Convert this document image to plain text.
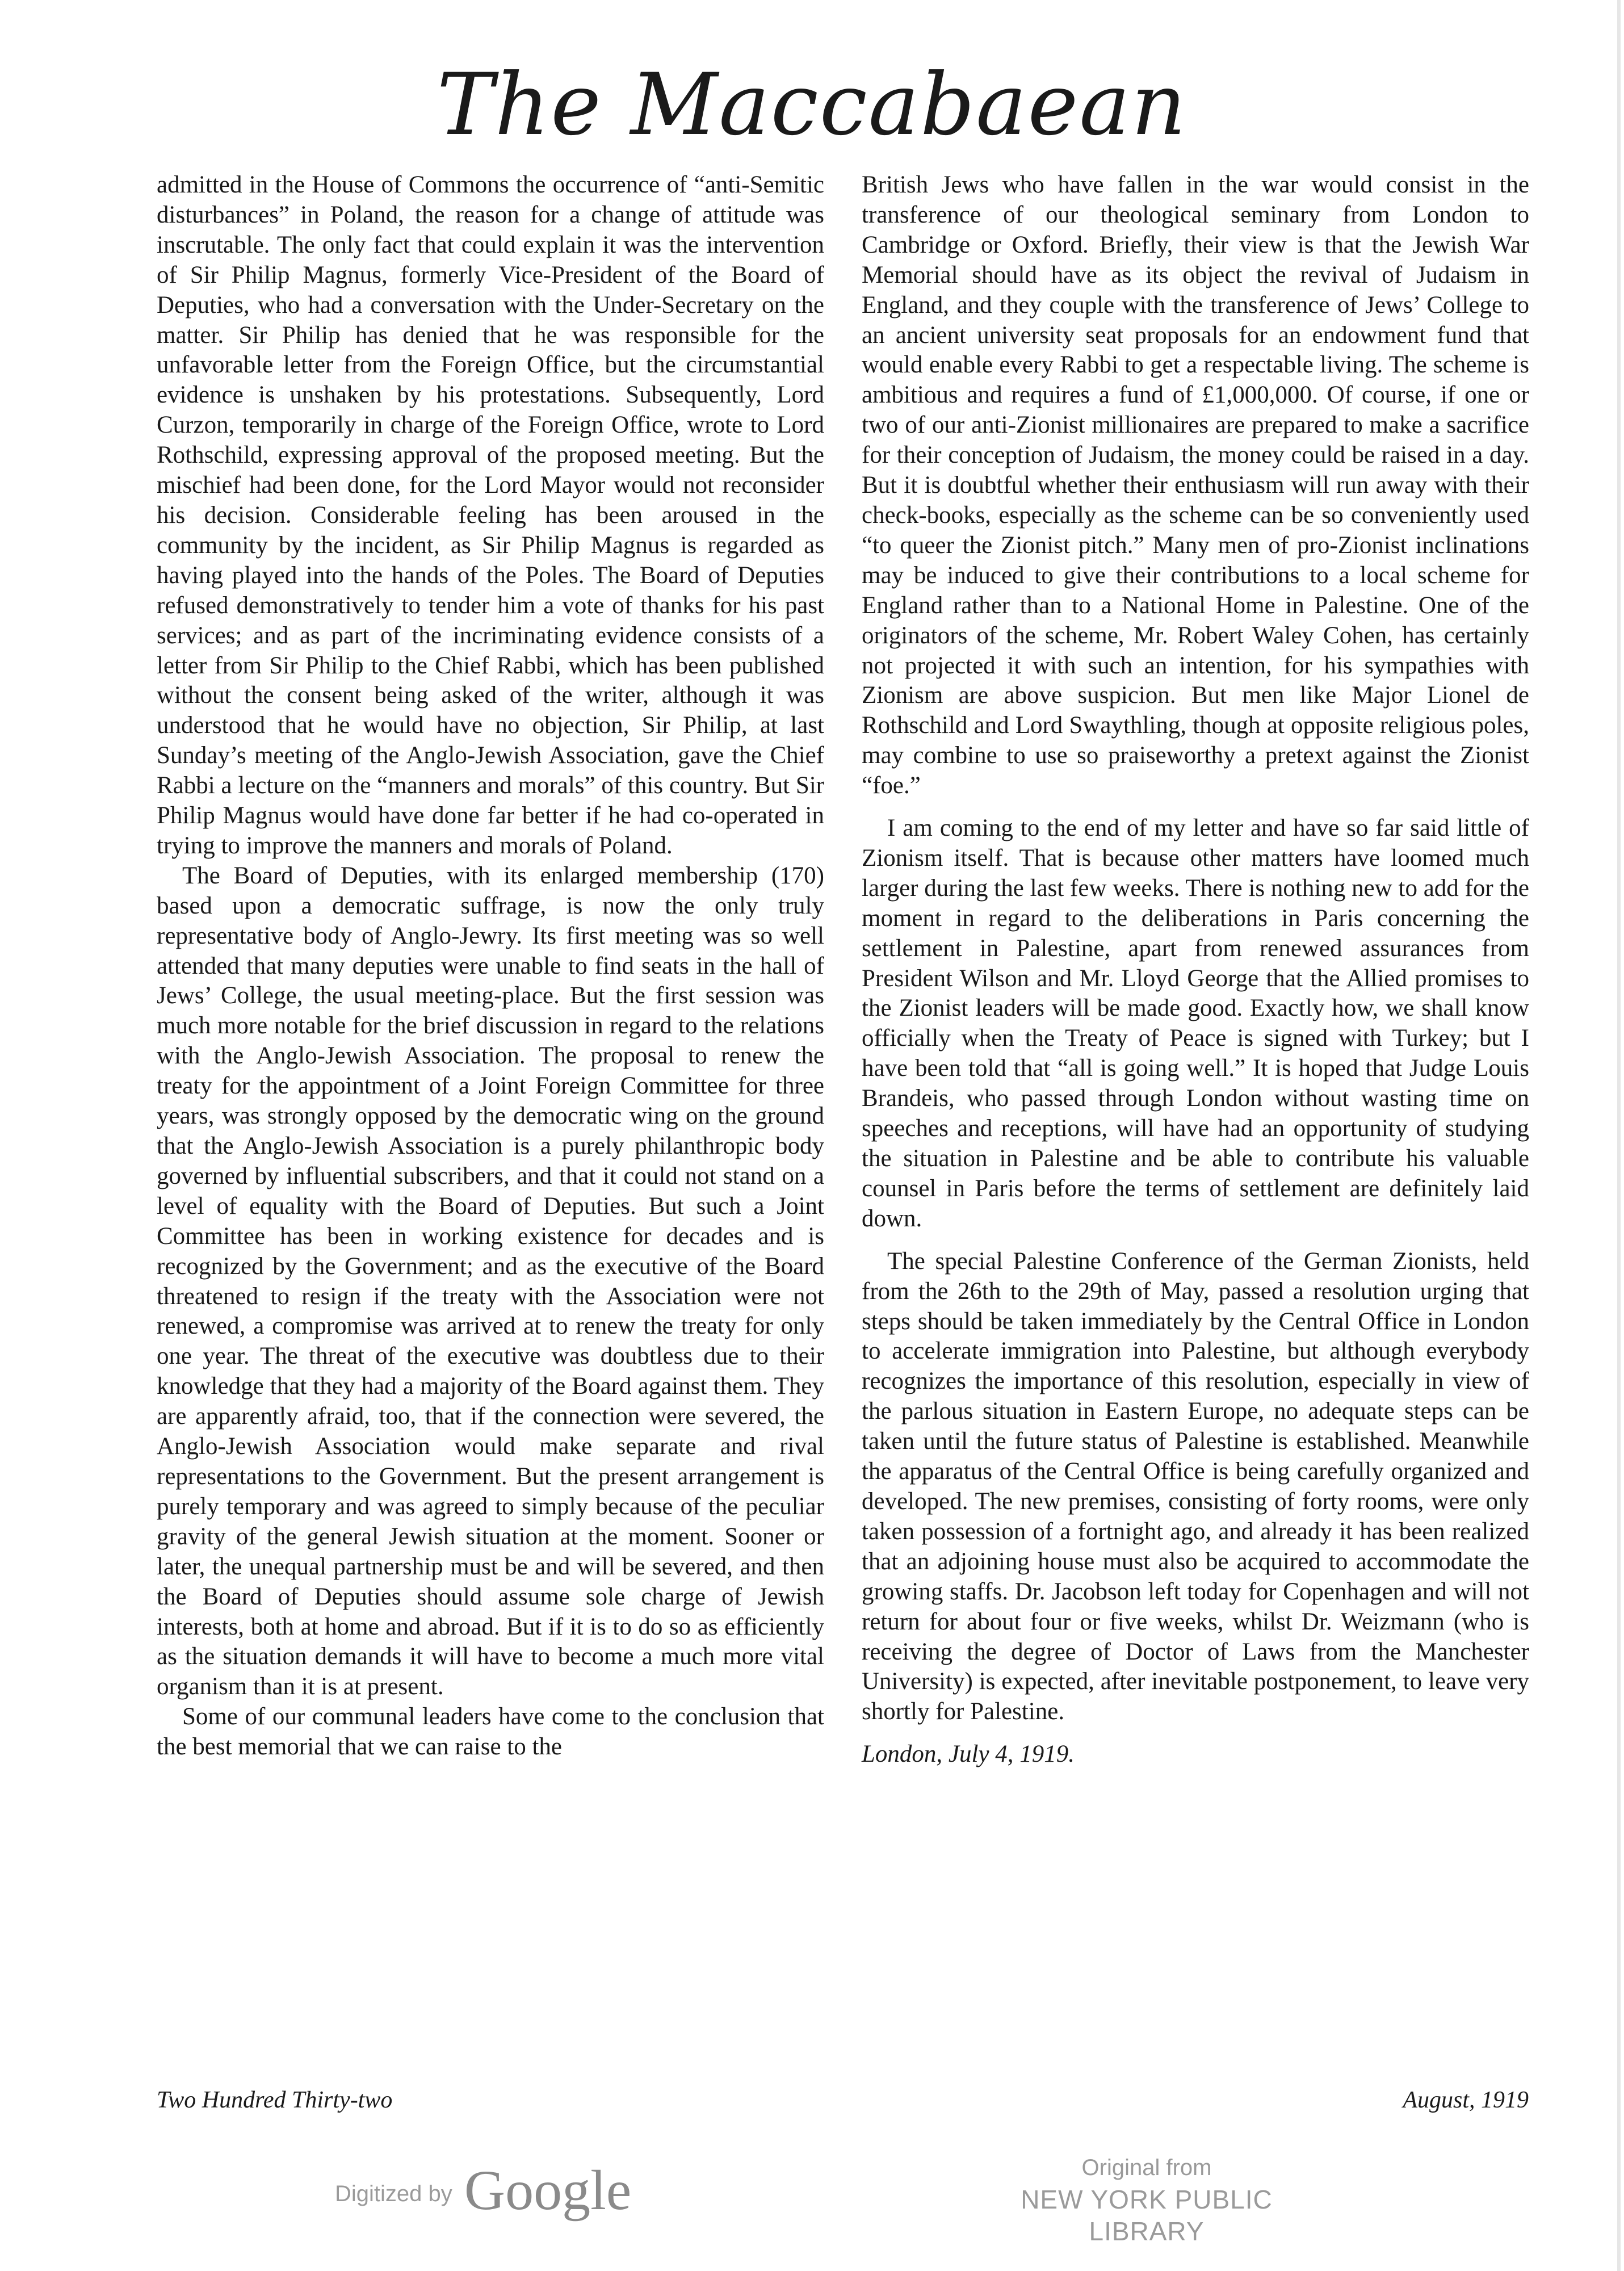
The Maccabaean

admitted in the House of Commons the occurrence of “anti-Semitic disturbances” in Poland, the reason for a change of attitude was inscrutable. The only fact that could explain it was the intervention of Sir Philip Magnus, formerly Vice-President of the Board of Deputies, who had a conversation with the Under-Secretary on the matter. Sir Philip has denied that he was responsible for the unfavorable letter from the Foreign Office, but the circumstantial evidence is unshaken by his protestations. Subsequently, Lord Curzon, temporarily in charge of the Foreign Office, wrote to Lord Rothschild, expressing approval of the proposed meeting. But the mischief had been done, for the Lord Mayor would not reconsider his decision. Considerable feeling has been aroused in the community by the incident, as Sir Philip Magnus is regarded as having played into the hands of the Poles. The Board of Deputies refused demonstratively to tender him a vote of thanks for his past services; and as part of the incriminating evidence consists of a letter from Sir Philip to the Chief Rabbi, which has been published without the consent being asked of the writer, although it was understood that he would have no objection, Sir Philip, at last Sunday’s meeting of the Anglo-Jewish Association, gave the Chief Rabbi a lecture on the “manners and morals” of this country. But Sir Philip Magnus would have done far better if he had co-operated in trying to improve the manners and morals of Poland.

The Board of Deputies, with its enlarged membership (170) based upon a democratic suffrage, is now the only truly representative body of Anglo-Jewry. Its first meeting was so well attended that many deputies were unable to find seats in the hall of Jews’ College, the usual meeting-place. But the first session was much more notable for the brief discussion in regard to the relations with the Anglo-Jewish Association. The proposal to renew the treaty for the appointment of a Joint Foreign Committee for three years, was strongly opposed by the democratic wing on the ground that the Anglo-Jewish Association is a purely philanthropic body governed by influential subscribers, and that it could not stand on a level of equality with the Board of Deputies. But such a Joint Committee has been in working existence for decades and is recognized by the Government; and as the executive of the Board threatened to resign if the treaty with the Association were not renewed, a compromise was arrived at to renew the treaty for only one year. The threat of the executive was doubtless due to their knowledge that they had a majority of the Board against them. They are apparently afraid, too, that if the connection were severed, the Anglo-Jewish Association would make separate and rival representations to the Government. But the present arrangement is purely temporary and was agreed to simply because of the peculiar gravity of the general Jewish situation at the moment. Sooner or later, the unequal partnership must be and will be severed, and then the Board of Deputies should assume sole charge of Jewish interests, both at home and abroad. But if it is to do so as efficiently as the situation demands it will have to become a much more vital organism than it is at present.

Some of our communal leaders have come to the conclusion that the best memorial that we can raise to the

British Jews who have fallen in the war would consist in the transference of our theological seminary from London to Cambridge or Oxford. Briefly, their view is that the Jewish War Memorial should have as its object the revival of Judaism in England, and they couple with the transference of Jews’ College to an ancient university seat proposals for an endowment fund that would enable every Rabbi to get a respectable living. The scheme is ambitious and requires a fund of £1,000,000. Of course, if one or two of our anti-Zionist millionaires are prepared to make a sacrifice for their conception of Judaism, the money could be raised in a day. But it is doubtful whether their enthusiasm will run away with their check-books, especially as the scheme can be so conveniently used “to queer the Zionist pitch.” Many men of pro-Zionist inclinations may be induced to give their contributions to a local scheme for England rather than to a National Home in Palestine. One of the originators of the scheme, Mr. Robert Waley Cohen, has certainly not projected it with such an intention, for his sympathies with Zionism are above suspicion. But men like Major Lionel de Rothschild and Lord Swaythling, though at opposite religious poles, may combine to use so praiseworthy a pretext against the Zionist “foe.”

I am coming to the end of my letter and have so far said little of Zionism itself. That is because other matters have loomed much larger during the last few weeks. There is nothing new to add for the moment in regard to the deliberations in Paris concerning the settlement in Palestine, apart from renewed assurances from President Wilson and Mr. Lloyd George that the Allied promises to the Zionist leaders will be made good. Exactly how, we shall know officially when the Treaty of Peace is signed with Turkey; but I have been told that “all is going well.” It is hoped that Judge Louis Brandeis, who passed through London without wasting time on speeches and receptions, will have had an opportunity of studying the situation in Palestine and be able to contribute his valuable counsel in Paris before the terms of settlement are definitely laid down.

The special Palestine Conference of the German Zionists, held from the 26th to the 29th of May, passed a resolution urging that steps should be taken immediately by the Central Office in London to accelerate immigration into Palestine, but although everybody recognizes the importance of this resolution, especially in view of the parlous situation in Eastern Europe, no adequate steps can be taken until the future status of Palestine is established. Meanwhile the apparatus of the Central Office is being carefully organized and developed. The new premises, consisting of forty rooms, were only taken possession of a fortnight ago, and already it has been realized that an adjoining house must also be acquired to accommodate the growing staffs. Dr. Jacobson left today for Copenhagen and will not return for about four or five weeks, whilst Dr. Weizmann (who is receiving the degree of Doctor of Laws from the Manchester University) is expected, after inevitable postponement, to leave very shortly for Palestine.

London, July 4, 1919.

Two Hundred Thirty-two	August, 1919
Digitized by Google	Original from
NEW YORK PUBLIC LIBRARY
